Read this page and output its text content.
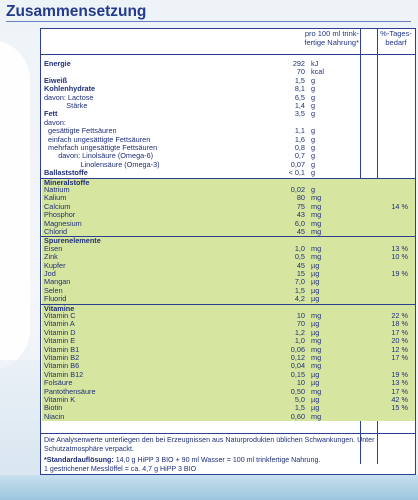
Zusammensetzung
pro 100 ml trink-
fertige Nahrung*
%-Tages-
bedarf
Energie	292 kJ
70 kcal
Eiweiß	1,5 g
Kohlenhydrate	8,1 g
davon: Lactose	6,5 g
Stärke	1,4 g
Fett	3,5 g
davon:
gesättigte Fettsäuren	1,1 g
einfach ungesättigte Fettsäuren	1,6 g
mehrfach ungesättigte Fettsäuren	0,8 g
davon: Linolsäure (Omega-6)	0,7 g
Linolensäure (Omega-3)	0,07 g
Ballaststoffe	< 0,1 g
Mineralstoffe
Natrium	0,02 g
Kalium	80 mg
Calcium	75 mg	14 %
Phosphor	43 mg
Magnesium	6,0 mg
Chlorid	45 mg
Spurenelemente
Eisen	1,0 mg	13 %
Zink	0,5 mg	10 %
Kupfer	45 µg
Jod	15 µg	19 %
Mangan	7,0 µg
Selen	1,5 µg
Fluorid	4,2 µg
Vitamine
Vitamin C	10 mg	22 %
Vitamin A	70 µg	18 %
Vitamin D	1,2 µg	17 %
Vitamin E	1,0 mg	20 %
Vitamin B1	0,06 mg	12 %
Vitamin B2	0,12 mg	17 %
Vitamin B6	0,04 mg
Vitamin B12	0,15 µg	19 %
Folsäure	10 µg	13 %
Pantothensäure	0,50 mg	17 %
Vitamin K	5,0 µg	42 %
Biotin	1,5 µg	15 %
Niacin	0,60 mg

Die Analysenwerte unterliegen den bei Erzeugnissen aus Naturprodukten üblichen Schwankungen. Unter Schutzatmosphäre verpackt.

*Standardauflösung: 14,0 g HiPP 3 BIO + 90 ml Wasser = 100 ml trinkfertige Nahrung.

1 gestrichener Messlöffel = ca. 4,7 g HiPP 3 BIO
